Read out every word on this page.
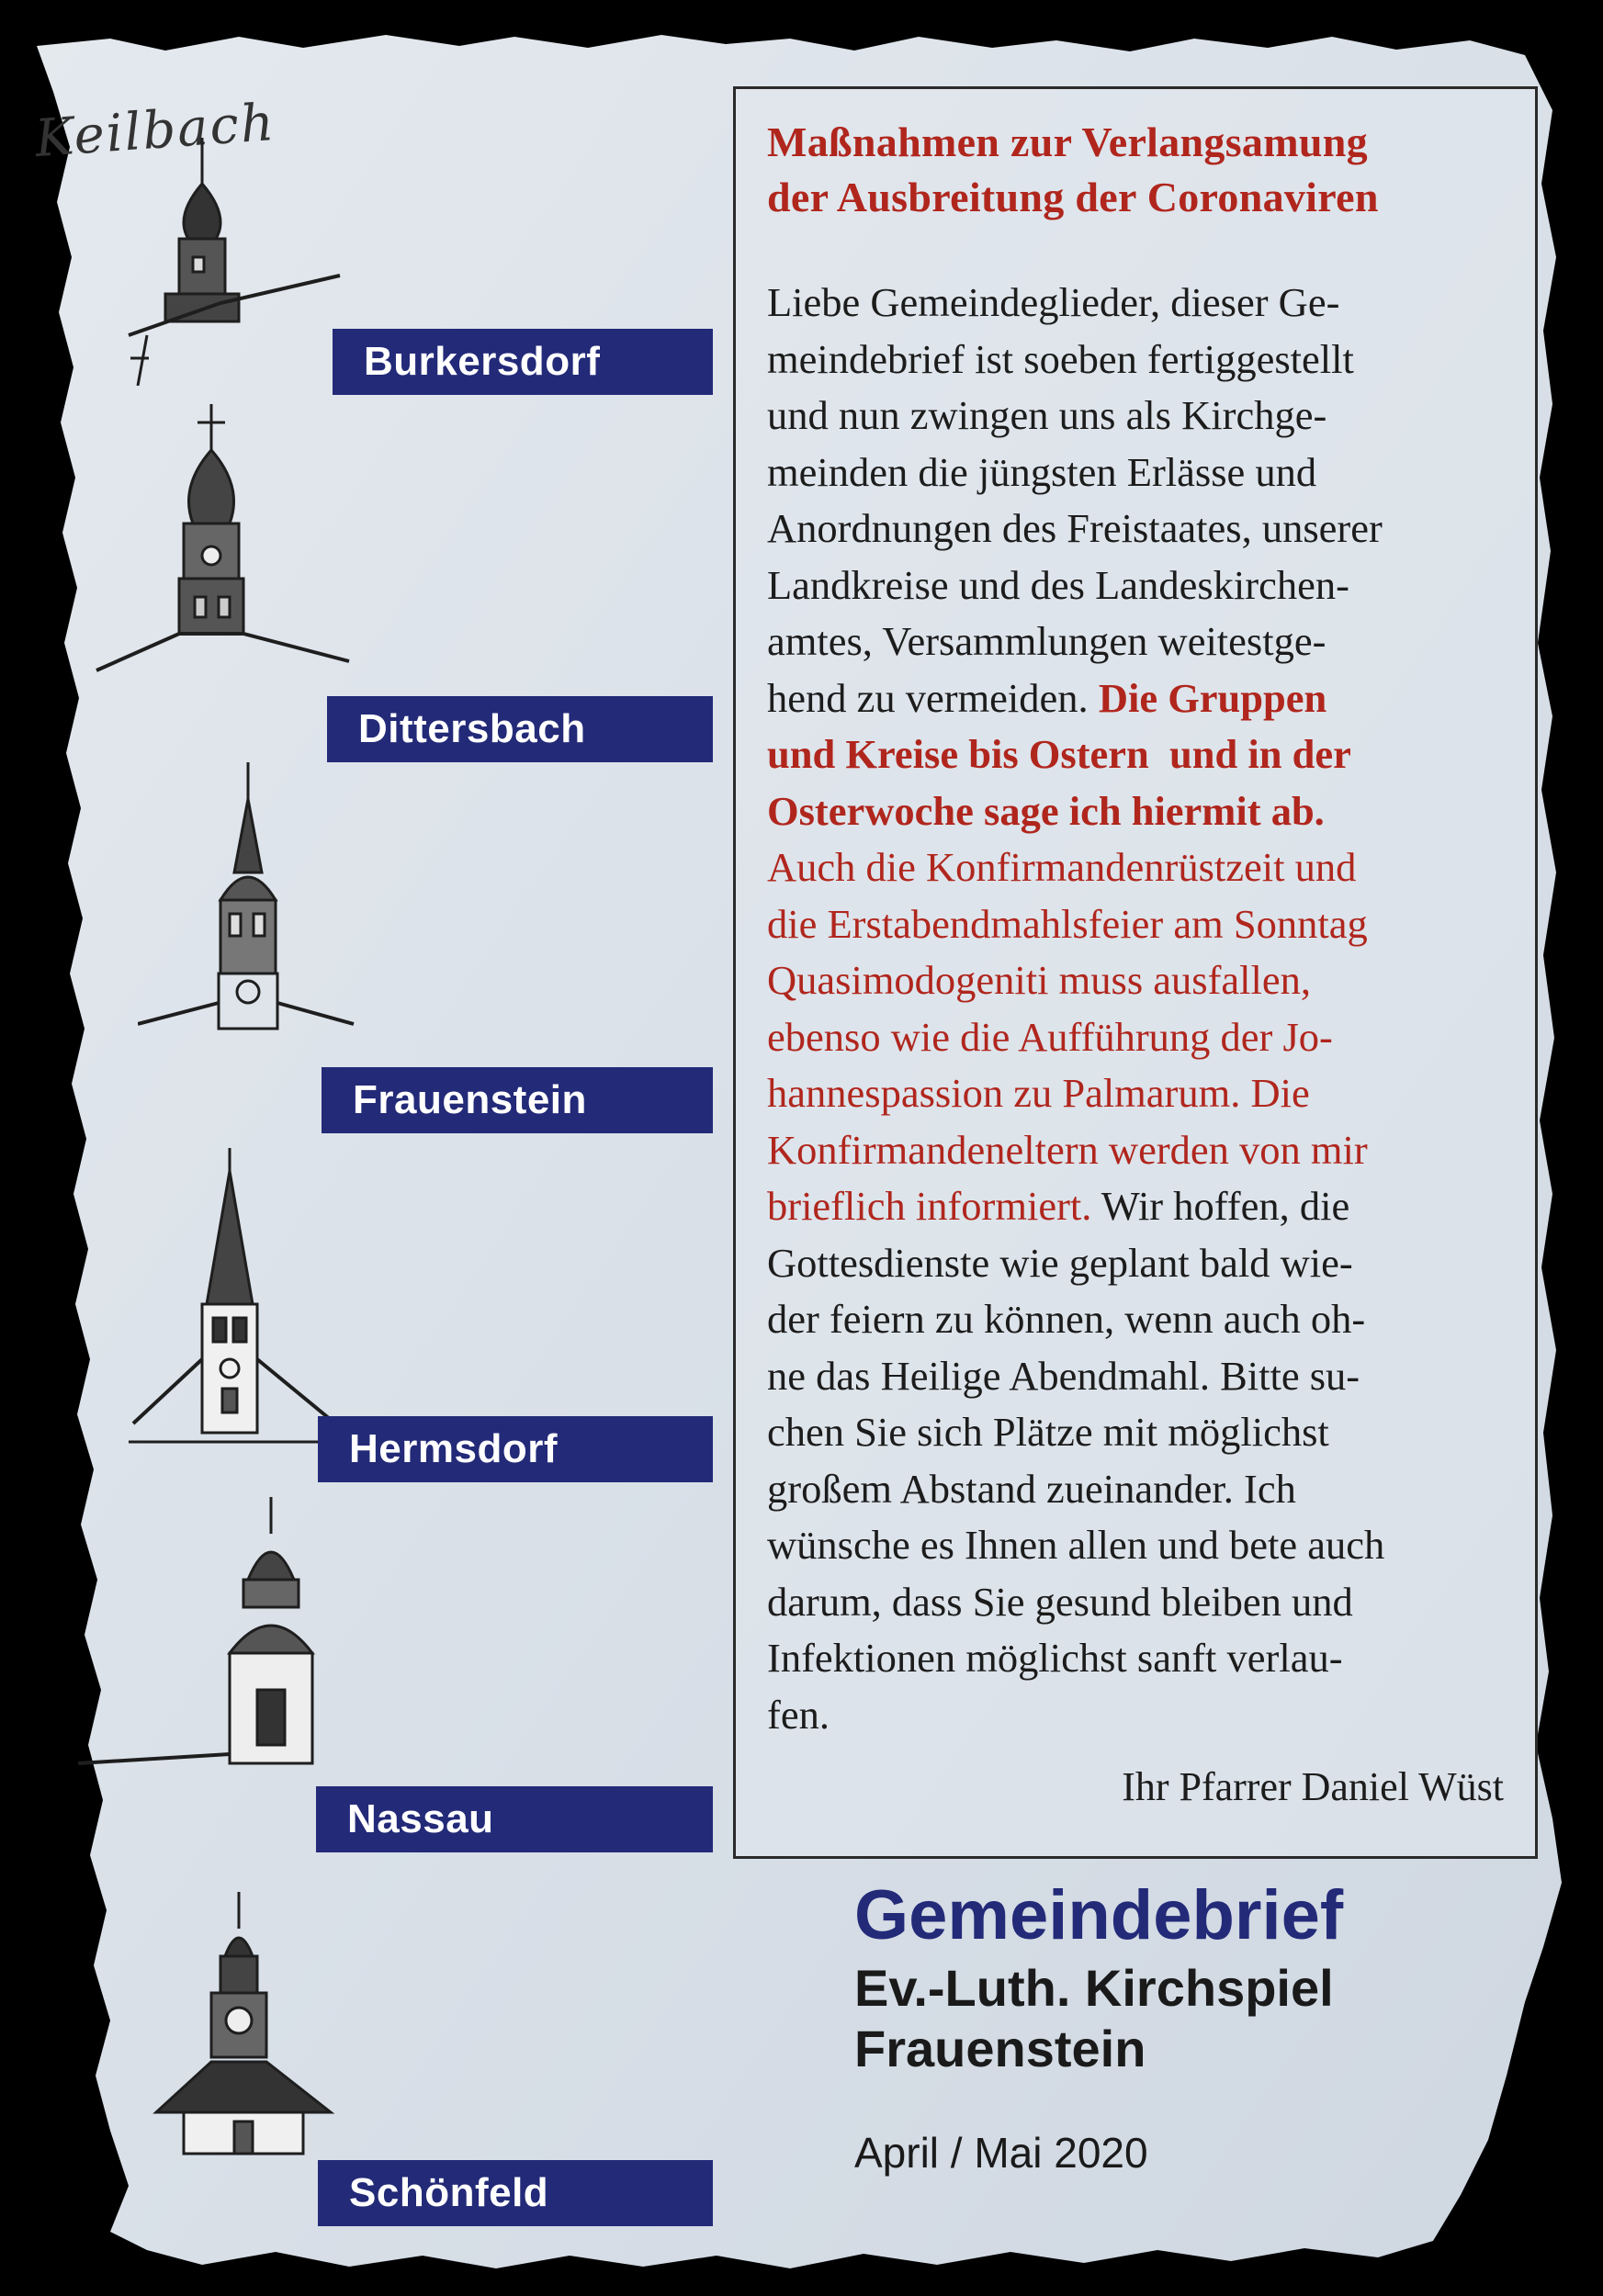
Keilbach
Burkersdorf
Dittersbach
Frauenstein
Hermsdorf
Nassau
Schönfeld
Maßnahmen zur Verlangsamung
der Ausbreitung der Coronaviren
Liebe Gemeindeglieder, dieser Ge-
meindebrief ist soeben fertiggestellt
und nun zwingen uns als Kirchge-
meinden die jüngsten Erlässe und
Anordnungen des Freistaates, unserer
Landkreise und des Landeskirchen-
amtes, Versammlungen weitestge-
hend zu vermeiden. Die Gruppen
und Kreise bis Ostern  und in der
Osterwoche sage ich hiermit ab.
Auch die Konfirmandenrüstzeit und
die Erstabendmahlsfeier am Sonntag
Quasimodogeniti muss ausfallen,
ebenso wie die Aufführung der Jo-
hannespassion zu Palmarum. Die
Konfirmandeneltern werden von mir
brieflich informiert. Wir hoffen, die
Gottesdienste wie geplant bald wie-
der feiern zu können, wenn auch oh-
ne das Heilige Abendmahl. Bitte su-
chen Sie sich Plätze mit möglichst
großem Abstand zueinander. Ich
wünsche es Ihnen allen und bete auch
darum, dass Sie gesund bleiben und
Infektionen möglichst sanft verlau-
fen.
Ihr Pfarrer Daniel Wüst
Gemeindebrief
Ev.-Luth. Kirchspiel
Frauenstein
April / Mai 2020
